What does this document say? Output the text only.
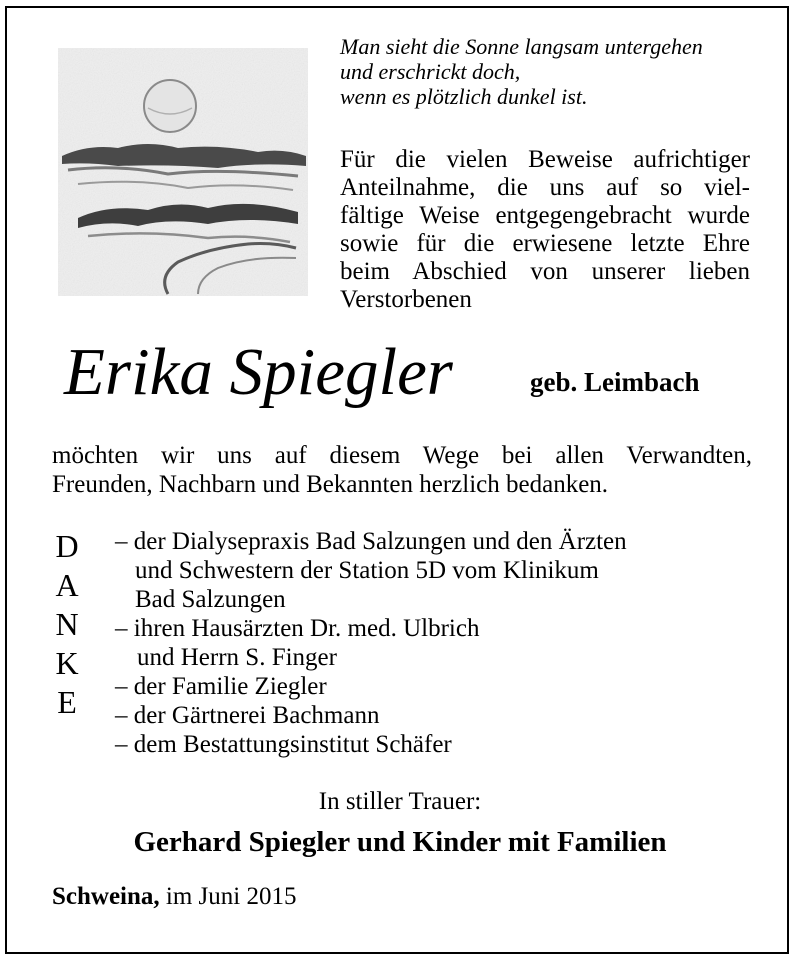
Man sieht die Sonne langsam untergehen
und erschrickt doch,
wenn es plötzlich dunkel ist.
Für die vielen Beweise aufrichtiger
Anteilnahme, die uns auf so viel-
fältige Weise entgegengebracht wurde
sowie für die erwiesene letzte Ehre
beim Abschied von unserer lieben
Verstorbenen
Erika Spiegler	geb. Leimbach
möchten wir uns auf diesem Wege bei allen Verwandten,
Freunden, Nachbarn und Bekannten herzlich bedanken.
D
A
N
K
E
– der Dialysepraxis Bad Salzungen und den Ärzten
und Schwestern der Station 5D vom Klinikum
Bad Salzungen
– ihren Hausärzten Dr. med. Ulbrich
und Herrn S. Finger
– der Familie Ziegler
– der Gärtnerei Bachmann
– dem Bestattungsinstitut Schäfer
In stiller Trauer:
Gerhard Spiegler und Kinder mit Familien
Schweina, im Juni 2015
